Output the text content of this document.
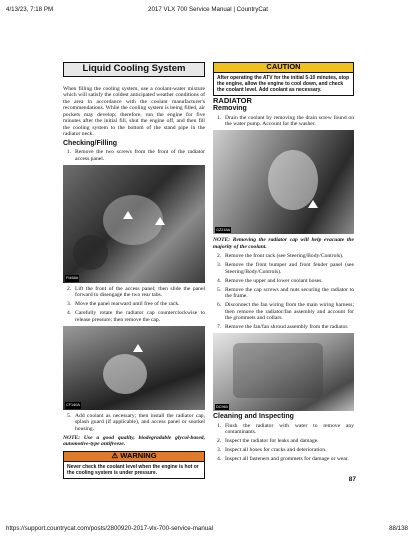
4/13/23, 7:18 PM	2017 VLX 700 Service Manual | CountryCat
Liquid Cooling System

When filling the cooling system, use a coolant-water mixture which will satisfy the coldest anticipated weather conditions of the area in accordance with the coolant manufacturer's recommendations. While the cooling system is being filled, air pockets may develop; therefore, run the engine for five minutes after the initial fill, shut the engine off, and then fill the cooling system to the bottom of the stand pipe in the radiator neck.

Checking/Filling
1. Remove the two screws from the front of the radiator access panel.
FI468A
2. Lift the front of the access panel; then slide the panel forward to disengage the two rear tabs.
3. Move the panel rearward until free of the rack.
4. Carefully rotate the radiator cap counterclockwise to release pressure; then remove the cap.
CF140A
5. Add coolant as necessary; then install the radiator cap, splash guard (if applicable), and access panel or snorkel housing.
NOTE: Use a good quality, biodegradable glycol-based, automotive-type antifreeze.
⚠ WARNING
Never check the coolant level when the engine is hot or the cooling system is under pressure.
CAUTION
After operating the ATV for the initial 5-10 minutes, stop the engine, allow the engine to cool down, and check the coolant level. Add coolant as necessary.
RADIATOR
Removing
1. Drain the coolant by removing the drain screw found on the water pump. Account for the washer.
GZ218A
NOTE: Removing the radiator cap will help evacuate the majority of the coolant.
2. Remove the front rack (see Steering/Body/Controls).
3. Remove the front bumper and front fender panel (see Steering/Body/Controls).
4. Remove the upper and lower coolant hoses.
5. Remove the cap screws and nuts securing the radiator to the frame.
6. Disconnect the fan wiring from the main wiring harness; then remove the radiator/fan assembly and account for the grommets and collars.
7. Remove the fan/fan shroud assembly from the radiator.
DC960
Cleaning and Inspecting
1. Flush the radiator with water to remove any contaminants.
2. Inspect the radiator for leaks and damage.
3. Inspect all hoses for cracks and deterioration.
4. Inspect all fasteners and grommets for damage or wear.
87
https://support.countrycat.com/posts/2800920-2017-vlx-700-service-manual	88/138
